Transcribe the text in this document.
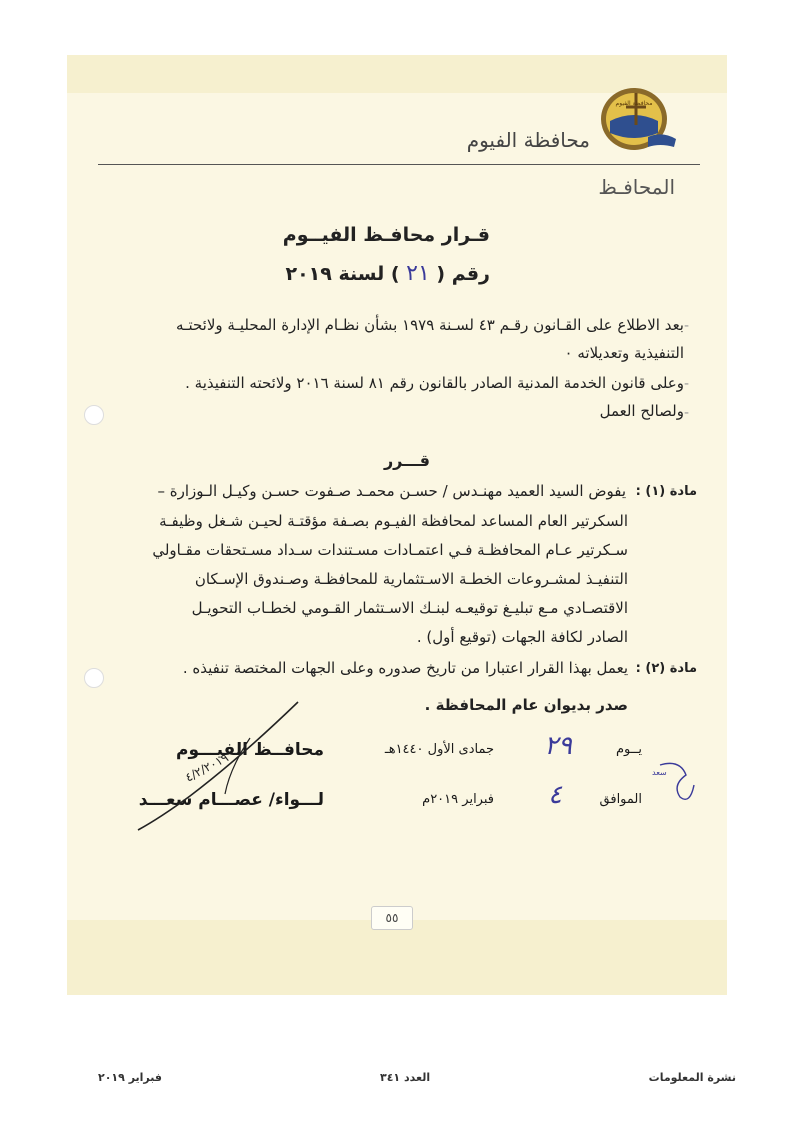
محافظة الفيوم
محافظة الفيوم
المحافـظ
قـرار محافـظ الفيــوم
رقم ( ٢١ ) لسنة ٢٠١٩
-
بعد الاطلاع على القـانون رقـم ٤٣ لسـنة ١٩٧٩ بشأن نظـام الإدارة المحليـة ولائحتـه
التنفيذية وتعديلاته ٠
-
وعلى قانون الخدمة المدنية الصادر بالقانون رقم ٨١ لسنة ٢٠١٦ ولائحته التنفيذية .
-
ولصالح العمل
قـــرر
مادة (١) :
يفوض السيد العميد مهنـدس / حسـن محمـد صـفوت حسـن وكيـل الـوزارة –
السكرتير العام المساعد لمحافظة الفيـوم بصـفة مؤقتـة لحيـن شـغل وظيفـة
سـكرتير عـام المحافظـة فـي اعتمـادات مسـتندات سـداد مسـتحقات مقـاولي
التنفيـذ لمشـروعات الخطـة الاسـتثمارية للمحافظـة وصـندوق الإسـكان
الاقتصـادي مـع تبليـغ توقيعـه لبنـك الاسـتثمار القـومي لخطـاب التحويـل
الصادر لكافة الجهات (توقيع أول) .
مادة (٢) :
يعمل بهذا القرار اعتبارا من تاريخ صدوره وعلى الجهات المختصة تنفيذه .
صدر بديوان عام المحافظة .
يــوم
٢٩
جمادى الأول ١٤٤٠هـ
الموافق
٤
فبراير ٢٠١٩م
محافــظ الفيـــوم
لـــواء/ عصـــام سعـــد
٤/٢/٢٠١٩	سعد
٥٥
نشرة المعلومات
العدد ٣٤١
فبراير ٢٠١٩
